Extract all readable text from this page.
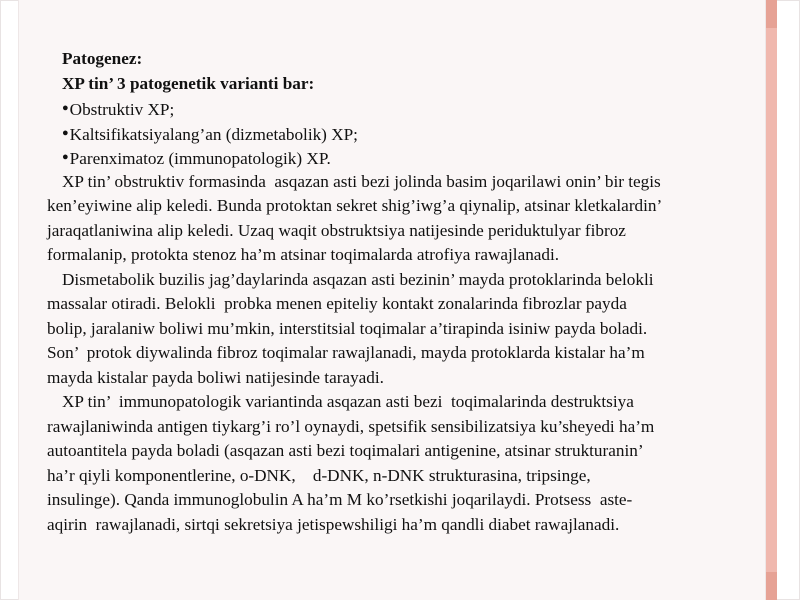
Patogenez:
XP tin’ 3 patogenetik varianti bar:
●Obstruktiv XP;
●Kaltsifikatsiyalang’an (dizmetabolik) XP;
●Parenximatoz (immunopatologik) XP.
XP tin’ obstruktiv formasinda  asqazan asti bezi jolinda basim joqarilawi onin’ bir tegis
ken’eyiwine alip keledi. Bunda protoktan sekret shig’iwg’a qiynalip, atsinar kletkalardin’
jaraqatlaniwina alip keledi. Uzaq waqit obstruktsiya natijesinde periduktulyar fibroz
formalanip, protokta stenoz ha’m atsinar toqimalarda atrofiya rawajlanadi.
Dismetabolik buzilis jag’daylarinda asqazan asti bezinin’ mayda protoklarinda belokli
massalar otiradi. Belokli  probka menen epiteliy kontakt zonalarinda fibrozlar payda
bolip, jaralaniw boliwi mu’mkin, interstitsial toqimalar a’tirapinda isiniw payda boladi.
Son’  protok diywalinda fibroz toqimalar rawajlanadi, mayda protoklarda kistalar ha’m
mayda kistalar payda boliwi natijesinde tarayadi.
XP tin’  immunopatologik variantinda asqazan asti bezi  toqimalarinda destruktsiya
rawajlaniwinda antigen tiykarg’i ro’l oynaydi, spetsifik sensibilizatsiya ku’sheyedi ha’m
autoantitela payda boladi (asqazan asti bezi toqimalari antigenine, atsinar strukturanin’
ha’r qiyli komponentlerine, o-DNK,    d-DNK, n-DNK strukturasina, tripsinge,
insulinge). Qanda immunoglobulin A ha’m M ko’rsetkishi joqarilaydi. Protsess  aste-
aqirin  rawajlanadi, sirtqi sekretsiya jetispewshiligi ha’m qandli diabet rawajlanadi.
